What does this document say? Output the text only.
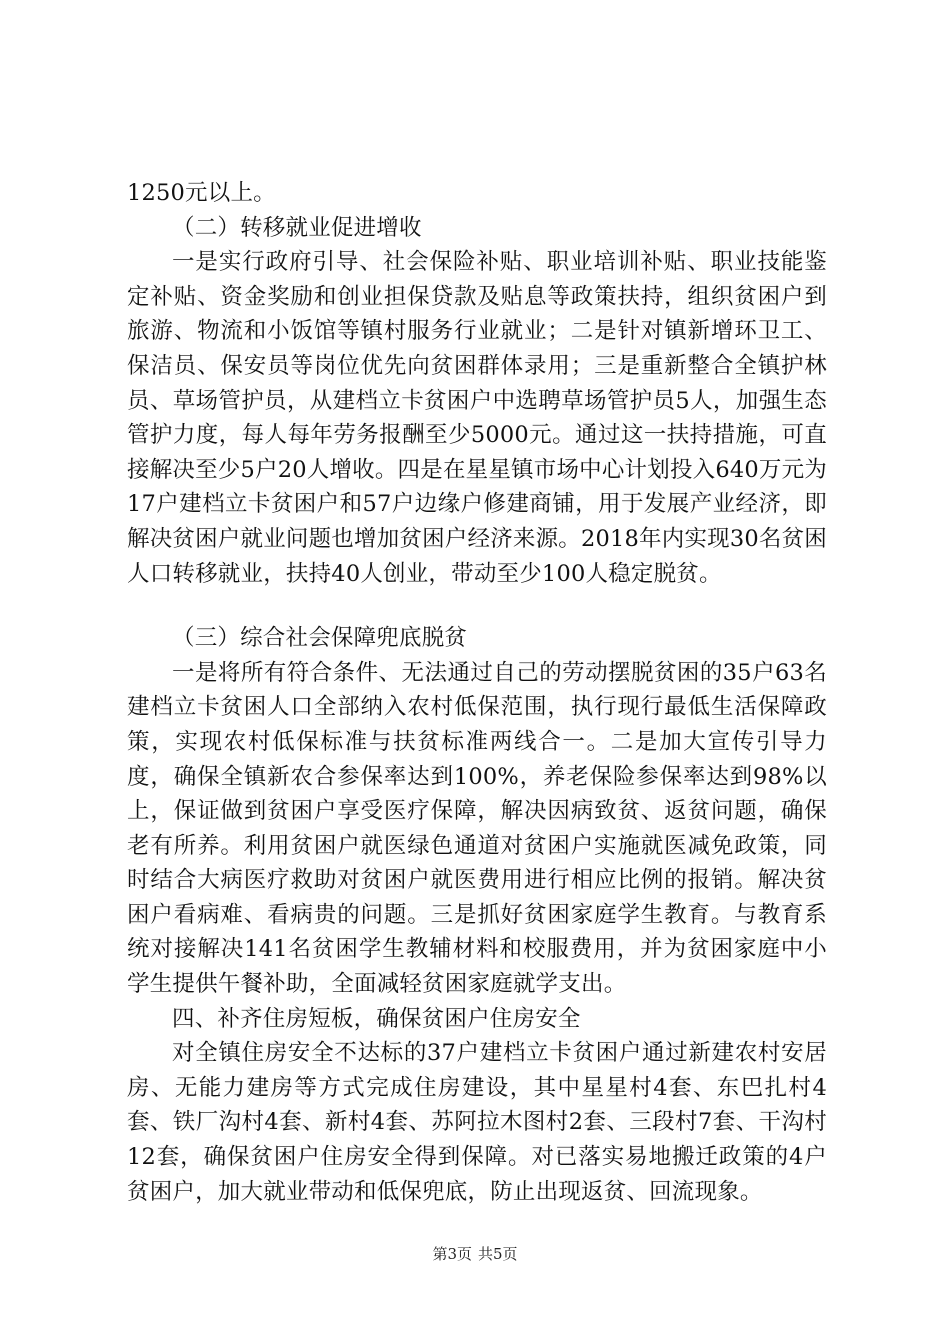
1250元以上。

（二）转移就业促进增收

一是实行政府引导、社会保险补贴、职业培训补贴、职业技能鉴定补贴、资金奖励和创业担保贷款及贴息等政策扶持，组织贫困户到旅游、物流和小饭馆等镇村服务行业就业；二是针对镇新增环卫工、保洁员、保安员等岗位优先向贫困群体录用；三是重新整合全镇护林员、草场管护员，从建档立卡贫困户中选聘草场管护员5人，加强生态管护力度，每人每年劳务报酬至少5000元。通过这一扶持措施，可直接解决至少5户20人增收。四是在星星镇市场中心计划投入640万元为17户建档立卡贫困户和57户边缘户修建商铺，用于发展产业经济，即解决贫困户就业问题也增加贫困户经济来源。2018年内实现30名贫困人口转移就业，扶持40人创业，带动至少100人稳定脱贫。

（三）综合社会保障兜底脱贫

一是将所有符合条件、无法通过自己的劳动摆脱贫困的35户63名建档立卡贫困人口全部纳入农村低保范围，执行现行最低生活保障政策，实现农村低保标准与扶贫标准两线合一。二是加大宣传引导力度，确保全镇新农合参保率达到100%，养老保险参保率达到98%以上，保证做到贫困户享受医疗保障，解决因病致贫、返贫问题，确保老有所养。利用贫困户就医绿色通道对贫困户实施就医减免政策，同时结合大病医疗救助对贫困户就医费用进行相应比例的报销。解决贫困户看病难、看病贵的问题。三是抓好贫困家庭学生教育。与教育系统对接解决141名贫困学生教辅材料和校服费用，并为贫困家庭中小学生提供午餐补助，全面减轻贫困家庭就学支出。

四、补齐住房短板，确保贫困户住房安全

对全镇住房安全不达标的37户建档立卡贫困户通过新建农村安居房、无能力建房等方式完成住房建设，其中星星村4套、东巴扎村4套、铁厂沟村4套、新村4套、苏阿拉木图村2套、三段村7套、干沟村12套，确保贫困户住房安全得到保障。对已落实易地搬迁政策的4户贫困户，加大就业带动和低保兜底，防止出现返贫、回流现象。

第3页 共5页
